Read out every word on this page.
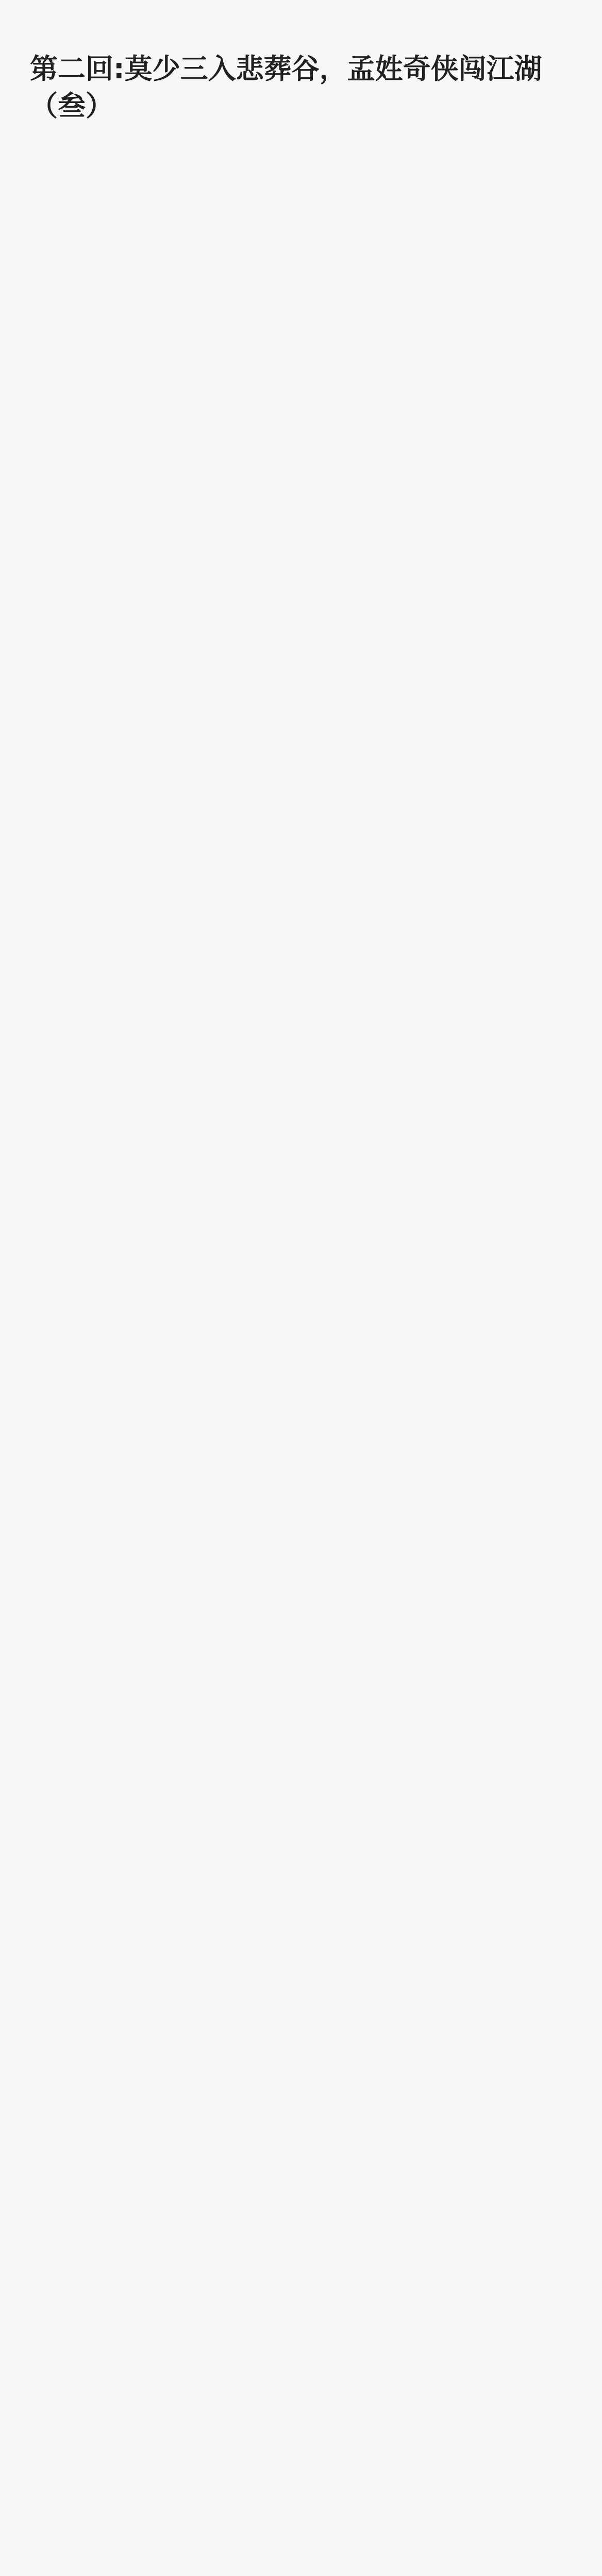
第二回:莫少三入悲葬谷，孟姓奇侠闯江湖（叁）
